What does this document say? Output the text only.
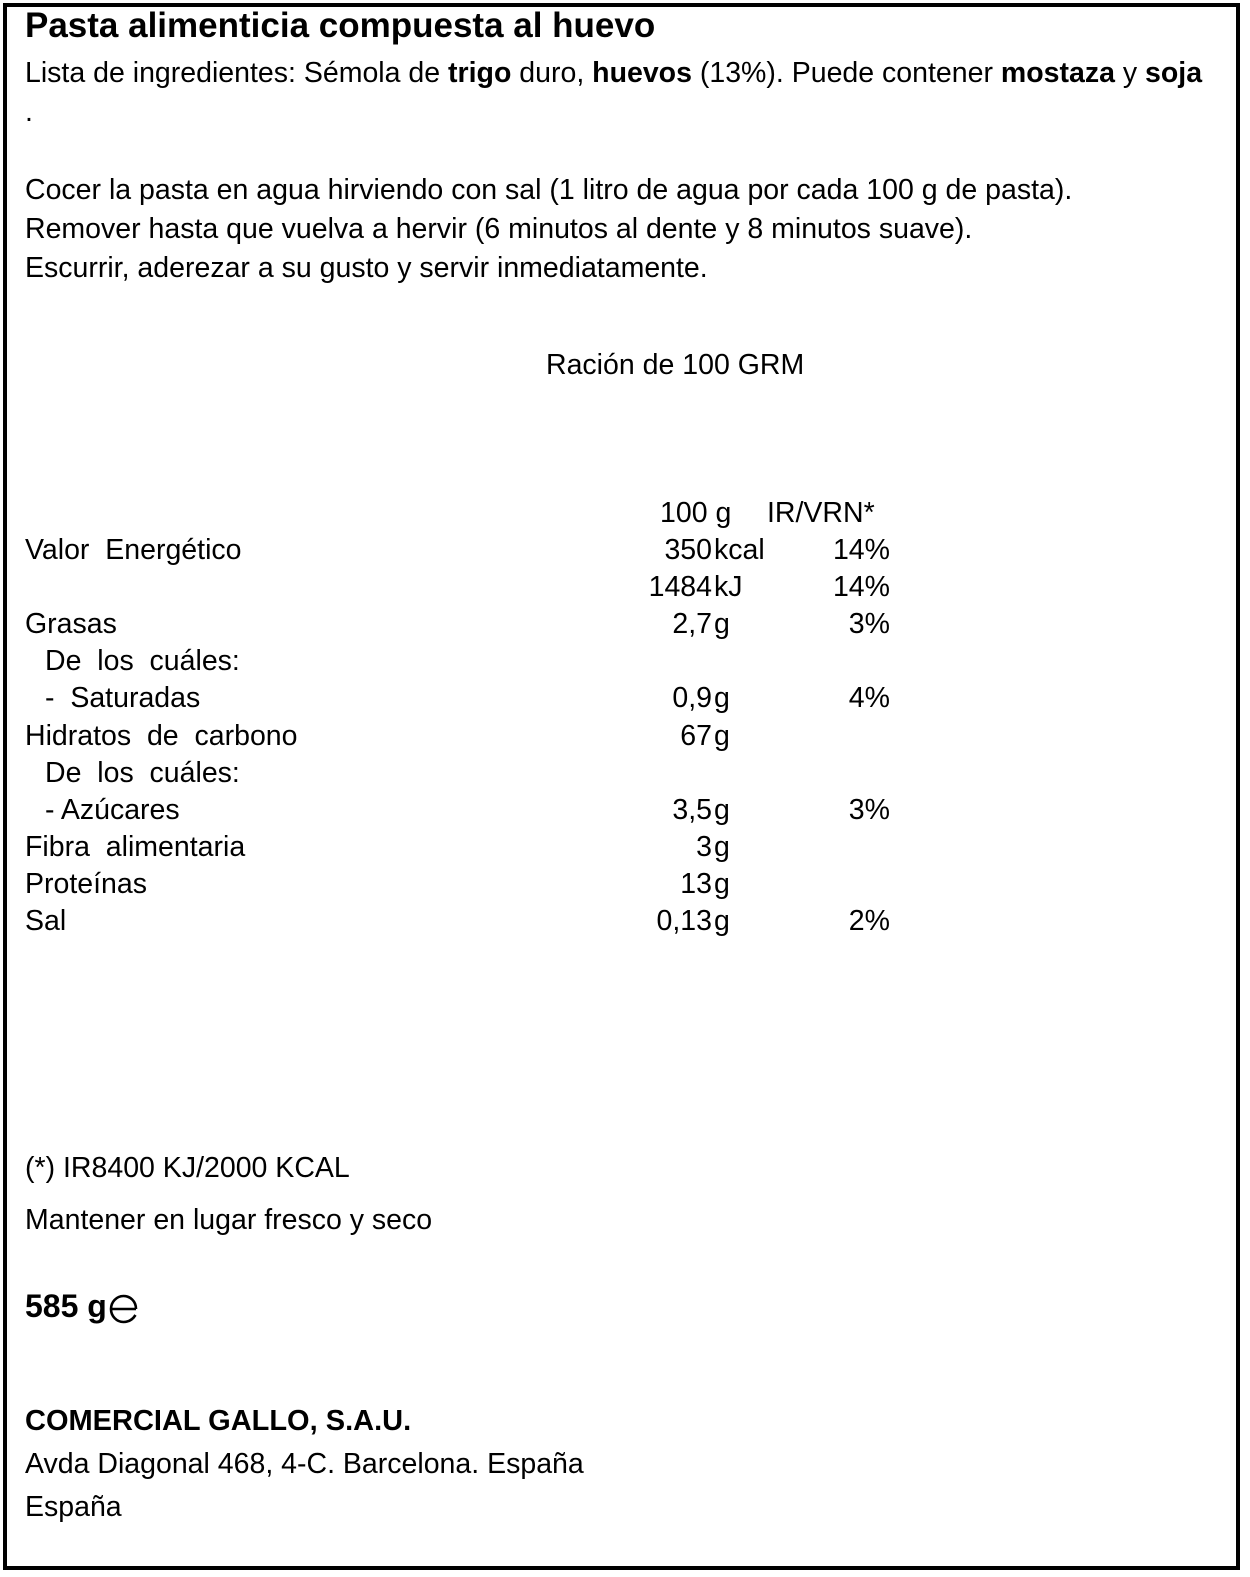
Pasta alimenticia compuesta al huevo
Lista de ingredientes: Sémola de trigo duro, huevos (13%). Puede contener mostaza y soja .
Cocer la pasta en agua hirviendo con sal (1 litro de agua por cada 100 g de pasta).
Remover hasta que vuelva a hervir (6 minutos al dente y 8 minutos suave).
Escurrir, aderezar a su gusto y servir inmediatamente.
Ración de 100 GRM
100 g IR/VRN*
Valor  Energético	350 kcal	14%
1484 kJ	14%
Grasas	2,7 g	3%
De  los  cuáles:
-  Saturadas	0,9 g	4%
Hidratos  de  carbono	67 g
De  los  cuáles:
- Azúcares	3,5 g	3%
Fibra  alimentaria	3 g
Proteínas	13 g
Sal	0,13 g	2%
(*) IR8400 KJ/2000 KCAL
Mantener en lugar fresco y seco
585 g
COMERCIAL GALLO, S.A.U.
Avda Diagonal 468, 4-C. Barcelona. España
España
